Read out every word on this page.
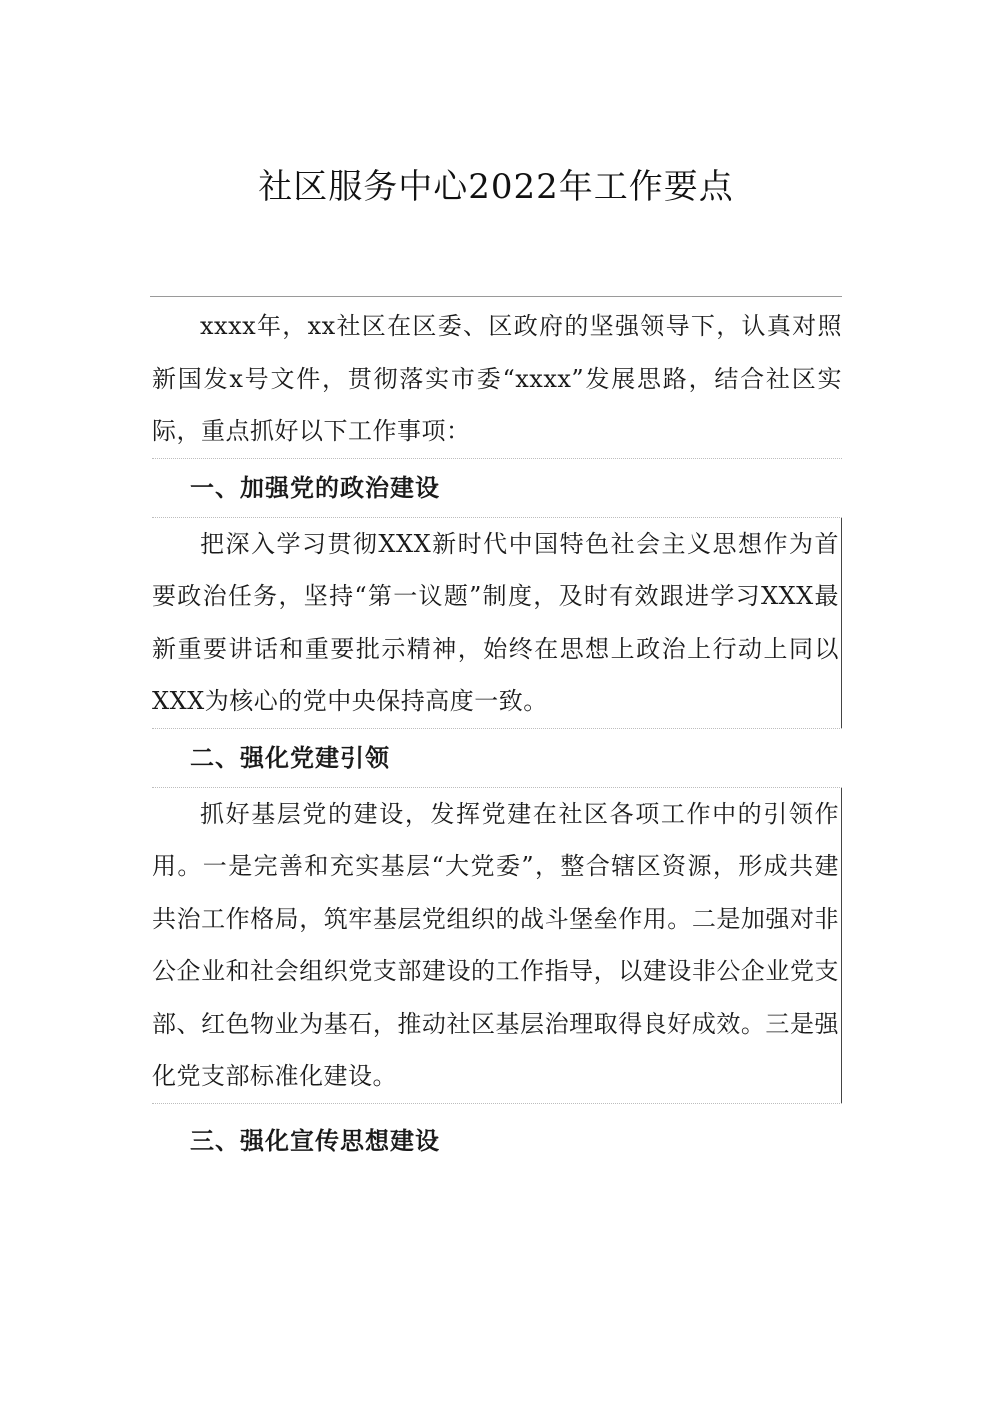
社区服务中心2022年工作要点

xxxx年，xx社区在区委、区政府的坚强领导下，认真对照新国发x号文件，贯彻落实市委“xxxx”发展思路，结合社区实际，重点抓好以下工作事项：

一、加强党的政治建设

把深入学习贯彻XXX新时代中国特色社会主义思想作为首要政治任务，坚持“第一议题”制度，及时有效跟进学习XXX最新重要讲话和重要批示精神，始终在思想上政治上行动上同以XXX为核心的党中央保持高度一致。

二、强化党建引领

抓好基层党的建设，发挥党建在社区各项工作中的引领作用。一是完善和充实基层“大党委”，整合辖区资源，形成共建共治工作格局，筑牢基层党组织的战斗堡垒作用。二是加强对非公企业和社会组织党支部建设的工作指导，以建设非公企业党支部、红色物业为基石，推动社区基层治理取得良好成效。三是强化党支部标准化建设。

三、强化宣传思想建设
